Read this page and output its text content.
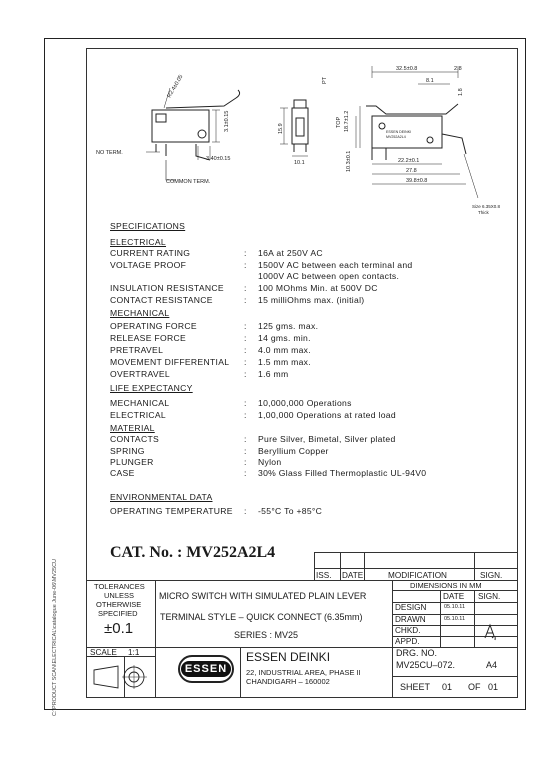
C:\PRODUCT SCAN\ELECTRICAL\catalogue June-06\MV25CU
NO TERM.
COMMON TERM.
R2.4±0.05
3.1±0.15
3.40±0.15
15.9
10.1
32.5±0.8	2.8
8.1
1.8
PT
TOP 18.7±1.2
10.3±0.1	22.2±0.1
27.8
39.8±0.8
Size 6.35X0.8
Thick
ESSEN DEINKI
MV252A2L4
SPECIFICATIONS
ELECTRICAL
CURRENT RATING	: 16A at 250V AC
VOLTAGE PROOF	: 1500V AC between each terminal and
1000V AC between open contacts.
INSULATION RESISTANCE : 100 MOhms Min. at 500V DC
CONTACT RESISTANCE	: 15 milliOhms max. (initial)
MECHANICAL
OPERATING FORCE	: 125 gms. max.
RELEASE FORCE	: 14 gms. min.
PRETRAVEL	: 4.0 mm max.
MOVEMENT DIFFERENTIAL : 1.5 mm max.
OVERTRAVEL	: 1.6 mm
LIFE EXPECTANCY
MECHANICAL	: 10,000,000 Operations
ELECTRICAL	: 1,00,000 Operations at rated load
MATERIAL
CONTACTS	: Pure Silver, Bimetal, Silver plated
SPRING	: Beryllium Copper
PLUNGER	: Nylon
CASE	: 30% Glass Filled Thermoplastic UL-94V0
ENVIRONMENTAL DATA
OPERATING TEMPERATURE : -55°C To +85°C
CAT. No. : MV252A2L4
ISS. DATE	MODIFICATION	SIGN.
TOLERANCES
UNLESS
OTHERWISE
SPECIFIED
±0.1
MICRO SWITCH WITH SIMULATED PLAIN LEVER
TERMINAL STYLE – QUICK CONNECT (6.35mm)
SERIES : MV25
DIMENSIONS IN MM
DATE SIGN.
DESIGN	05.10.11
DRAWN	05.10.11
CHKD.
APPD.
SCALE 1:1
ESSEN
ESSEN DEINKI
22, INDUSTRIAL AREA, PHASE II
CHANDIGARH – 160002
DRG. NO.
MV25CU–072.	A4
SHEET 01 OF 01
